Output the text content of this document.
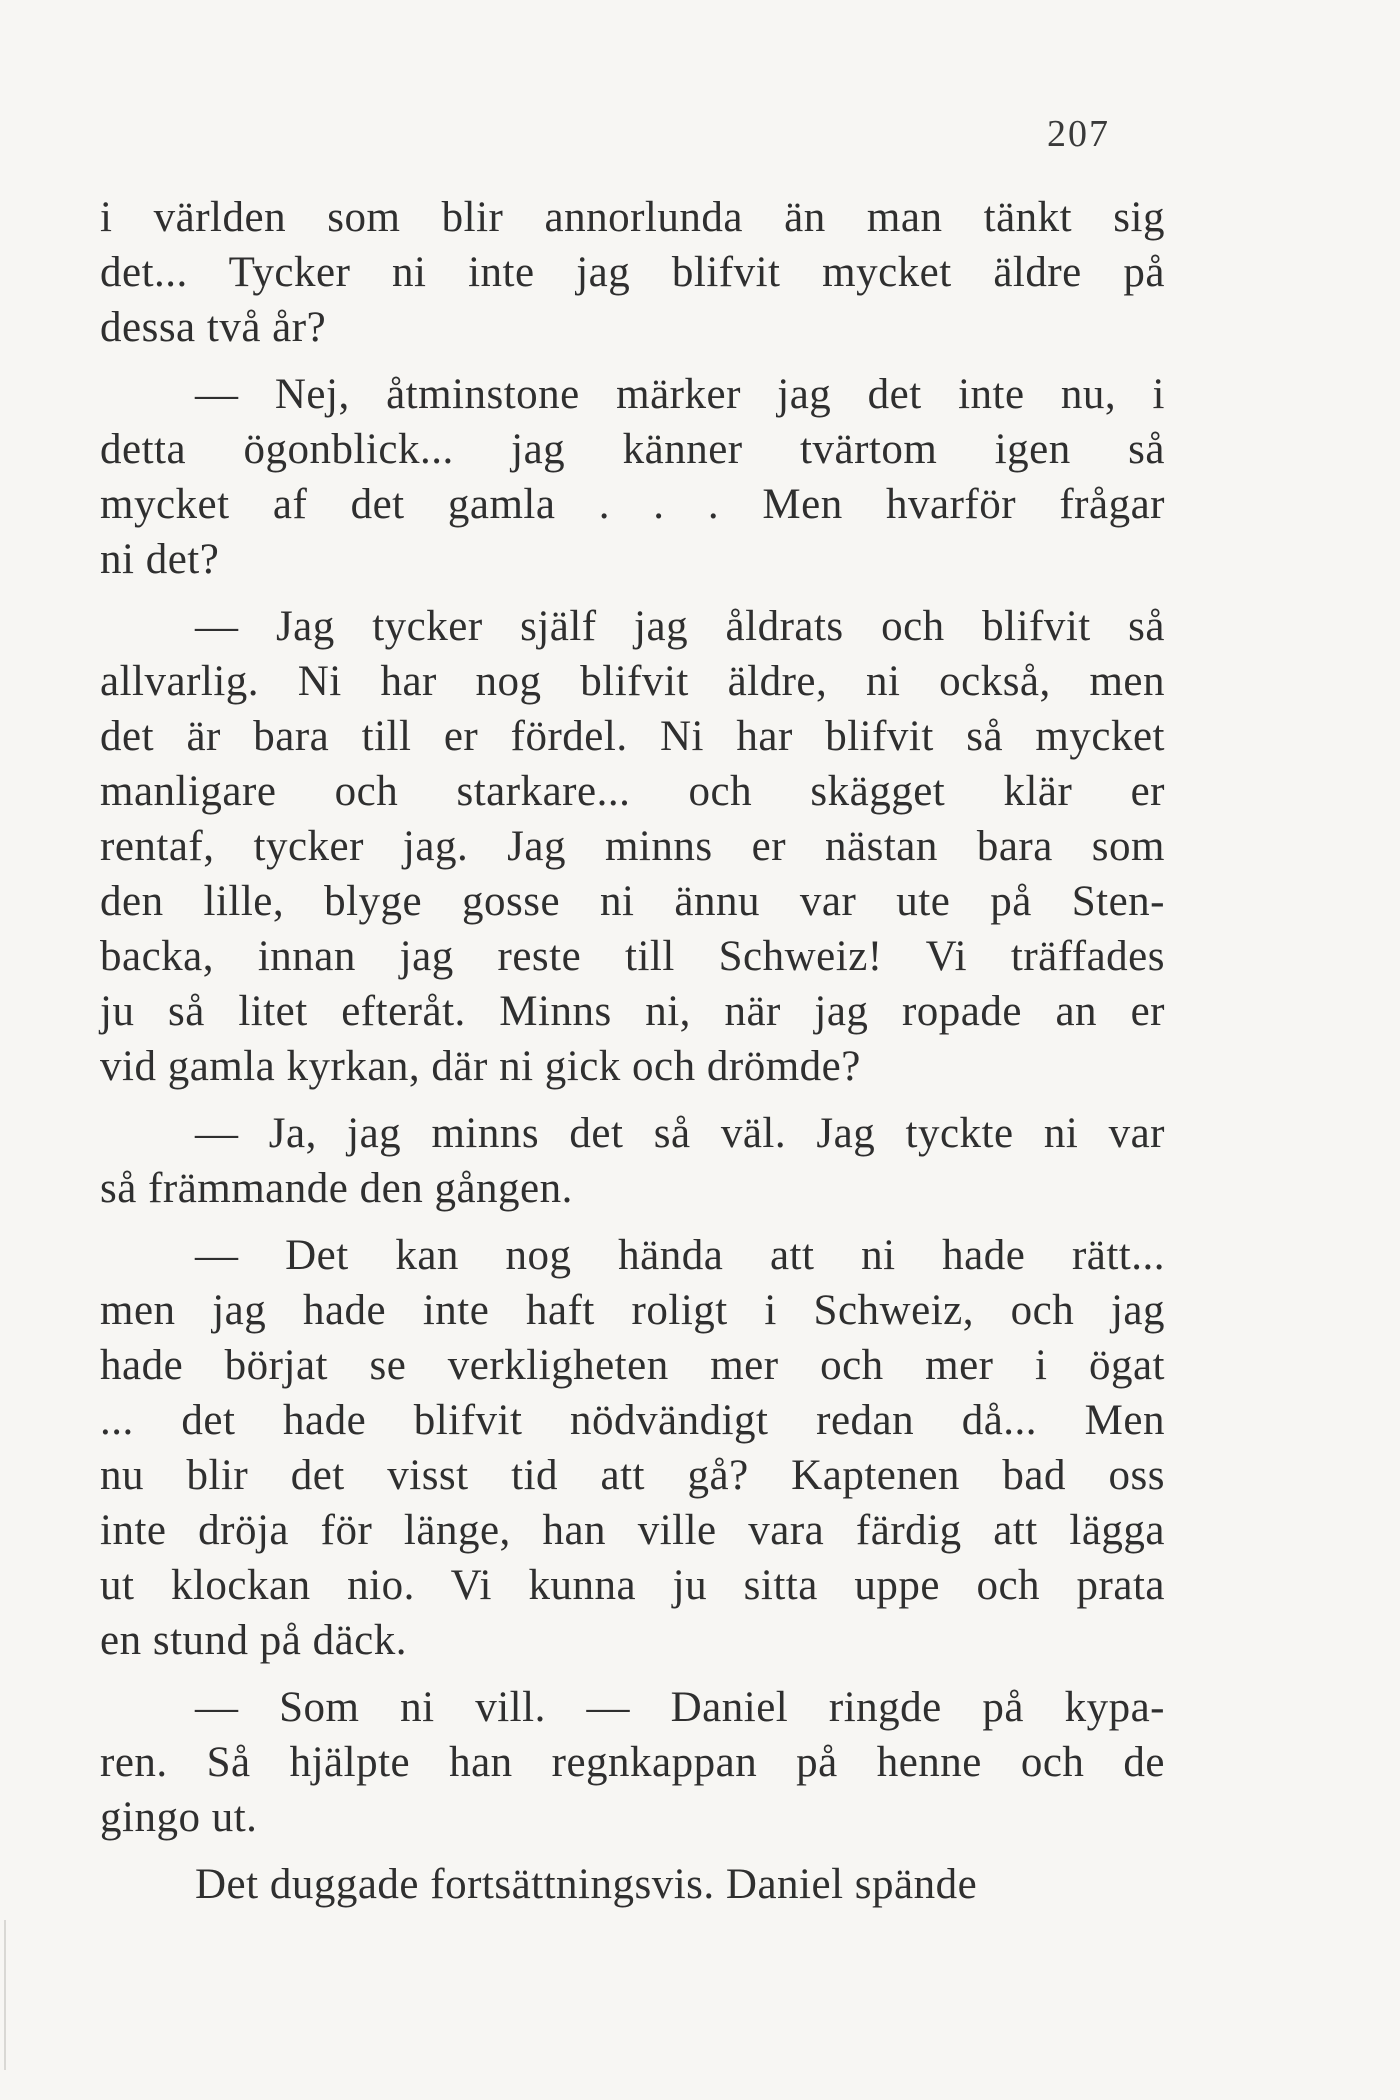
207
i världen som blir annorlunda än man tänkt sig
det... Tycker ni inte jag blifvit mycket äldre på
dessa två år?
— Nej, åtminstone märker jag det inte nu, i
detta ögonblick... jag känner tvärtom igen så
mycket af det gamla . . . Men hvarför frågar
ni det?
— Jag tycker själf jag åldrats och blifvit så
allvarlig. Ni har nog blifvit äldre, ni också, men
det är bara till er fördel. Ni har blifvit så mycket
manligare och starkare... och skägget klär er
rentaf, tycker jag. Jag minns er nästan bara som
den lille, blyge gosse ni ännu var ute på Sten-
backa, innan jag reste till Schweiz! Vi träffades
ju så litet efteråt. Minns ni, när jag ropade an er
vid gamla kyrkan, där ni gick och drömde?
— Ja, jag minns det så väl. Jag tyckte ni var
så främmande den gången.
— Det kan nog hända att ni hade rätt...
men jag hade inte haft roligt i Schweiz, och jag
hade börjat se verkligheten mer och mer i ögat
... det hade blifvit nödvändigt redan då... Men
nu blir det visst tid att gå? Kaptenen bad oss
inte dröja för länge, han ville vara färdig att lägga
ut klockan nio. Vi kunna ju sitta uppe och prata
en stund på däck.
— Som ni vill. — Daniel ringde på kypa-
ren. Så hjälpte han regnkappan på henne och de
gingo ut.
Det duggade fortsättningsvis. Daniel spände
